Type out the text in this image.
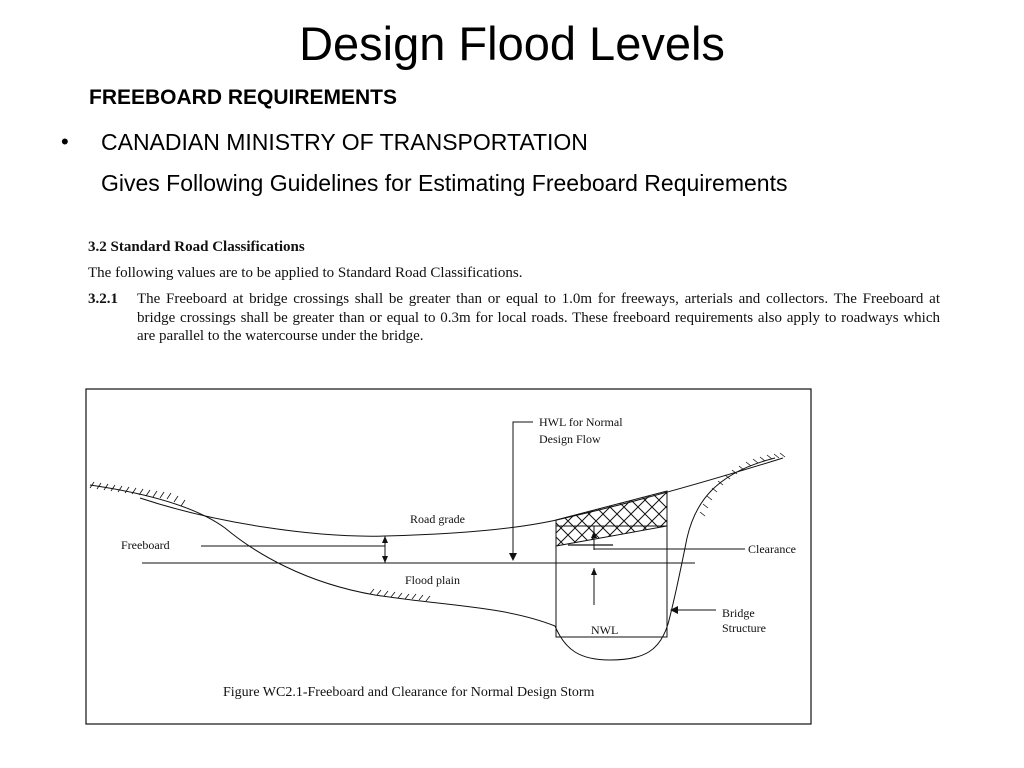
Design Flood Levels
FREEBOARD REQUIREMENTS
• CANADIAN MINISTRY OF TRANSPORTATION
Gives Following Guidelines for Estimating Freeboard Requirements
3.2 Standard Road Classifications
The following values are to be applied to Standard Road Classifications.
3.2.1 The Freeboard at bridge crossings shall be greater than or equal to 1.0m for freeways, arterials and collectors. The Freeboard at bridge crossings shall be greater than or equal to 0.3m for local roads. These freeboard requirements also apply to roadways which are parallel to the watercourse under the bridge.
HWL for Normal
Design Flow
Road grade
Freeboard	Clearance
Flood plain
Bridge
Structure
NWL
Figure WC2.1-Freeboard and Clearance for Normal Design Storm
